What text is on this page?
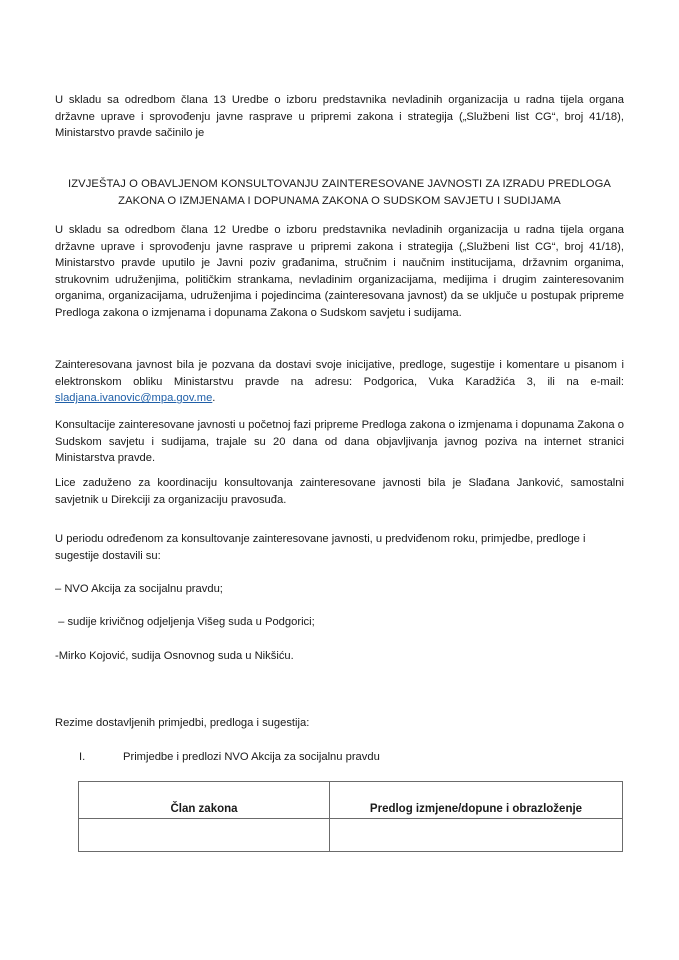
U skladu sa odredbom člana 13 Uredbe o izboru predstavnika nevladinih organizacija u radna tijela organa državne uprave i sprovođenju javne rasprave u pripremi zakona i strategija („Službeni list CG“, broj 41/18), Ministarstvo pravde sačinilo je

IZVJEŠTAJ O OBAVLJENOM KONSULTOVANJU ZAINTERESOVANE JAVNOSTI ZA IZRADU PREDLOGA
ZAKONA O IZMJENAMA I DOPUNAMA ZAKONA O SUDSKOM SAVJETU I SUDIJAMA

U skladu sa odredbom člana 12 Uredbe o izboru predstavnika nevladinih organizacija u radna tijela organa državne uprave i sprovođenju javne rasprave u pripremi zakona i strategija („Službeni list CG“, broj 41/18), Ministarstvo pravde uputilo je Javni poziv građanima, stručnim i naučnim institucijama, državnim organima, strukovnim udruženjima, političkim strankama, nevladinim organizacijama, medijima i drugim zainteresovanim organima, organizacijama, udruženjima i pojedincima (zainteresovana javnost) da se uključe u postupak pripreme Predloga zakona o izmjenama i dopunama Zakona o Sudskom savjetu i sudijama.

Zainteresovana javnost bila je pozvana da dostavi svoje inicijative, predloge, sugestije i komentare u pisanom i elektronskom obliku Ministarstvu pravde na adresu: Podgorica, Vuka Karadžića 3, ili na e-mail: sladjana.ivanovic@mpa.gov.me.

Konsultacije zainteresovane javnosti u početnoj fazi pripreme Predloga zakona o izmjenama i dopunama Zakona o Sudskom savjetu i sudijama, trajale su 20 dana od dana objavljivanja javnog poziva na internet stranici Ministarstva pravde.

Lice zaduženo za koordinaciju konsultovanja zainteresovane javnosti bila je Slađana Janković, samostalni savjetnik u Direkciji za organizaciju pravosuđa.

U periodu određenom za konsultovanje zainteresovane javnosti, u predviđenom roku, primjedbe, predloge i sugestije dostavili su:

– NVO Akcija za socijalnu pravdu;

– sudije krivičnog odjeljenja Višeg suda u Podgorici;

-Mirko Kojović, sudija Osnovnog suda u Nikšiću.

Rezime dostavljenih primjedbi, predloga i sugestija:

I.	Primjedbe i predlozi NVO Akcija za socijalnu pravdu
Član zakona	Predlog izmjene/dopune i obrazloženje
